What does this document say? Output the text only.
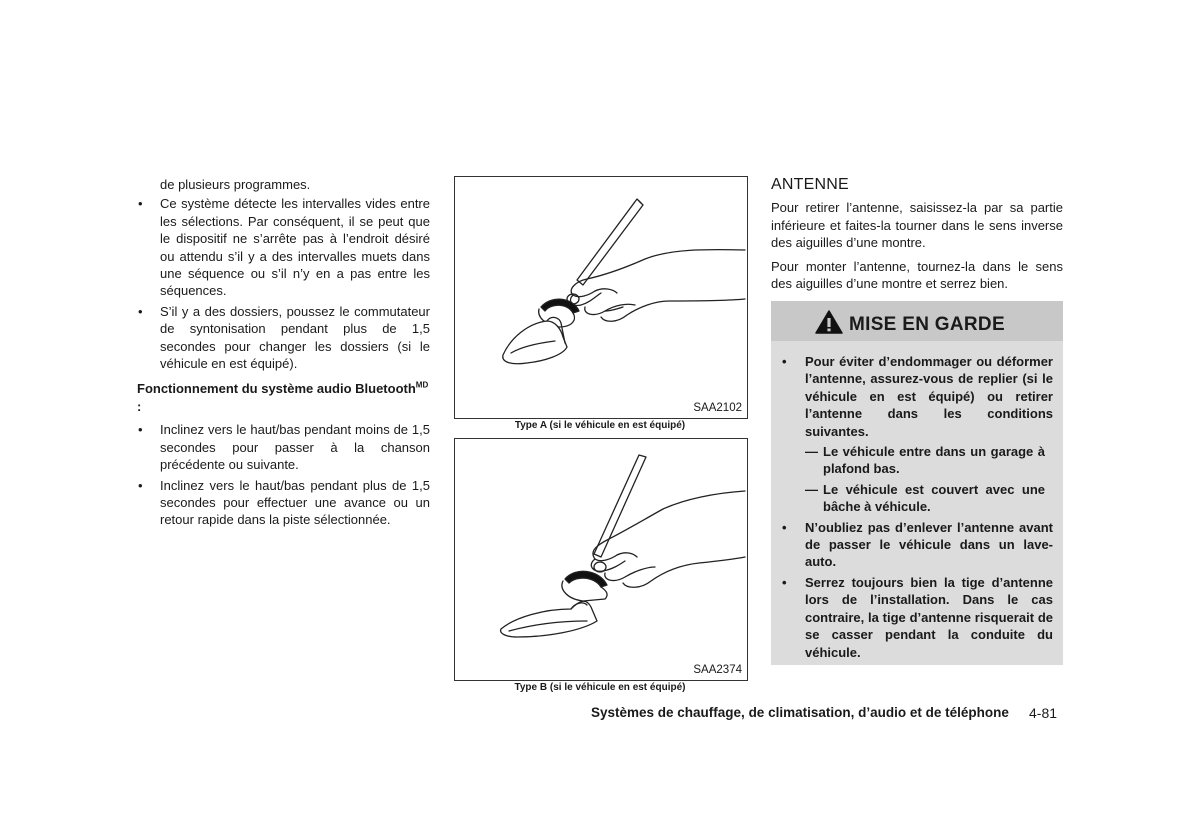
de plusieurs programmes.

• Ce système détecte les intervalles vides entre les sélections. Par conséquent, il se peut que le dispositif ne s’arrête pas à l’endroit désiré ou attendu s’il y a des intervalles muets dans une séquence ou s’il n’y en a pas entre les séquences.

• S’il y a des dossiers, poussez le commutateur de syntonisation pendant plus de 1,5 secondes pour changer les dossiers (si le véhicule en est équipé).

Fonctionnement du système audio Bluetooth$^{MD}$ :

• Inclinez vers le haut/bas pendant moins de 1,5 secondes pour passer à la chanson précédente ou suivante.

• Inclinez vers le haut/bas pendant plus de 1,5 secondes pour effectuer une avance ou un retour rapide dans la piste sélectionnée.

SAA2102
Type A (si le véhicule en est équipé)
SAA2374
Type B (si le véhicule en est équipé)
ANTENNE

Pour retirer l’antenne, saisissez-la par sa partie inférieure et faites-la tourner dans le sens inverse des aiguilles d’une montre.

Pour monter l’antenne, tournez-la dans le sens des aiguilles d’une montre et serrez bien.

MISE EN GARDE

• Pour éviter d’endommager ou déformer l’antenne, assurez-vous de replier (si le véhicule en est équipé) ou retirer l’antenne dans les conditions suivantes.

— Le véhicule entre dans un garage à plafond bas.

— Le véhicule est couvert avec une bâche à véhicule.

• N’oubliez pas d’enlever l’antenne avant de passer le véhicule dans un lave-auto.

• Serrez toujours bien la tige d’antenne lors de l’installation. Dans le cas contraire, la tige d’antenne risquerait de se casser pendant la conduite du véhicule.

Systèmes de chauffage, de climatisation, d’audio et de téléphone 4-81
